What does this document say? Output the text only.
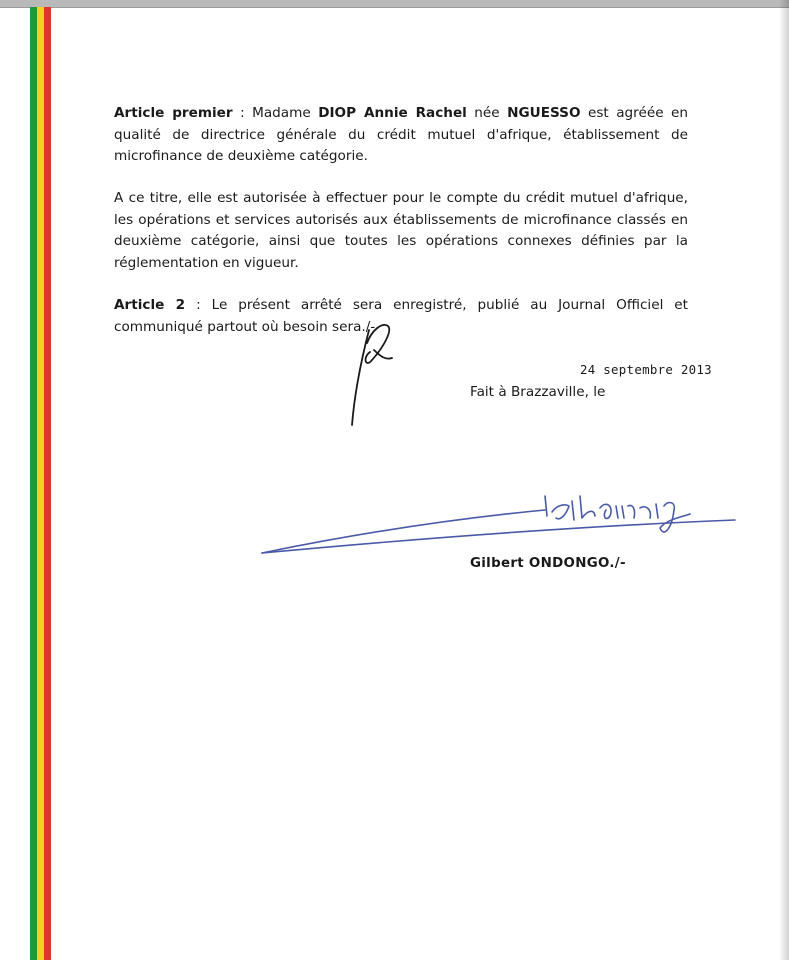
Article premier : Madame DIOP Annie Rachel née NGUESSO est agréée en qualité de directrice générale du crédit mutuel d'afrique, établissement de microfinance de deuxième catégorie.

A ce titre, elle est autorisée à effectuer pour le compte du crédit mutuel d'afrique, les opérations et services autorisés aux établissements de microfinance classés en deuxième catégorie, ainsi que toutes les opérations connexes définies par la réglementation en vigueur.

Article 2 : Le présent arrêté sera enregistré, publié au Journal Officiel et communiqué partout où besoin sera./-

24 septembre 2013
Fait à Brazzaville, le
Gilbert ONDONGO./-
